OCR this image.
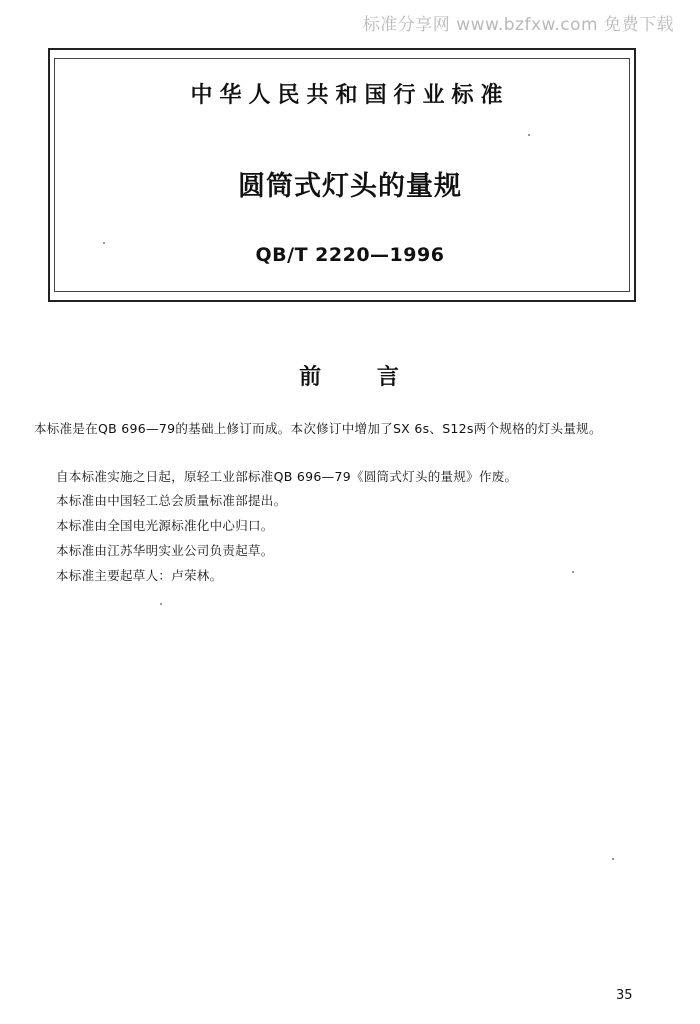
标准分享网 www.bzfxw.com 免费下载
中华人民共和国行业标准
圆筒式灯头的量规
QB/T 2220—1996
前 言
本标准是在QB 696—79的基础上修订而成。本次修订中增加了SX 6s、S12s两个规格的灯头量规。
自本标准实施之日起，原轻工业部标准QB 696—79《圆筒式灯头的量规》作废。
本标准由中国轻工总会质量标准部提出。
本标准由全国电光源标准化中心归口。
本标准由江苏华明实业公司负责起草。
本标准主要起草人：卢荣林。
35
